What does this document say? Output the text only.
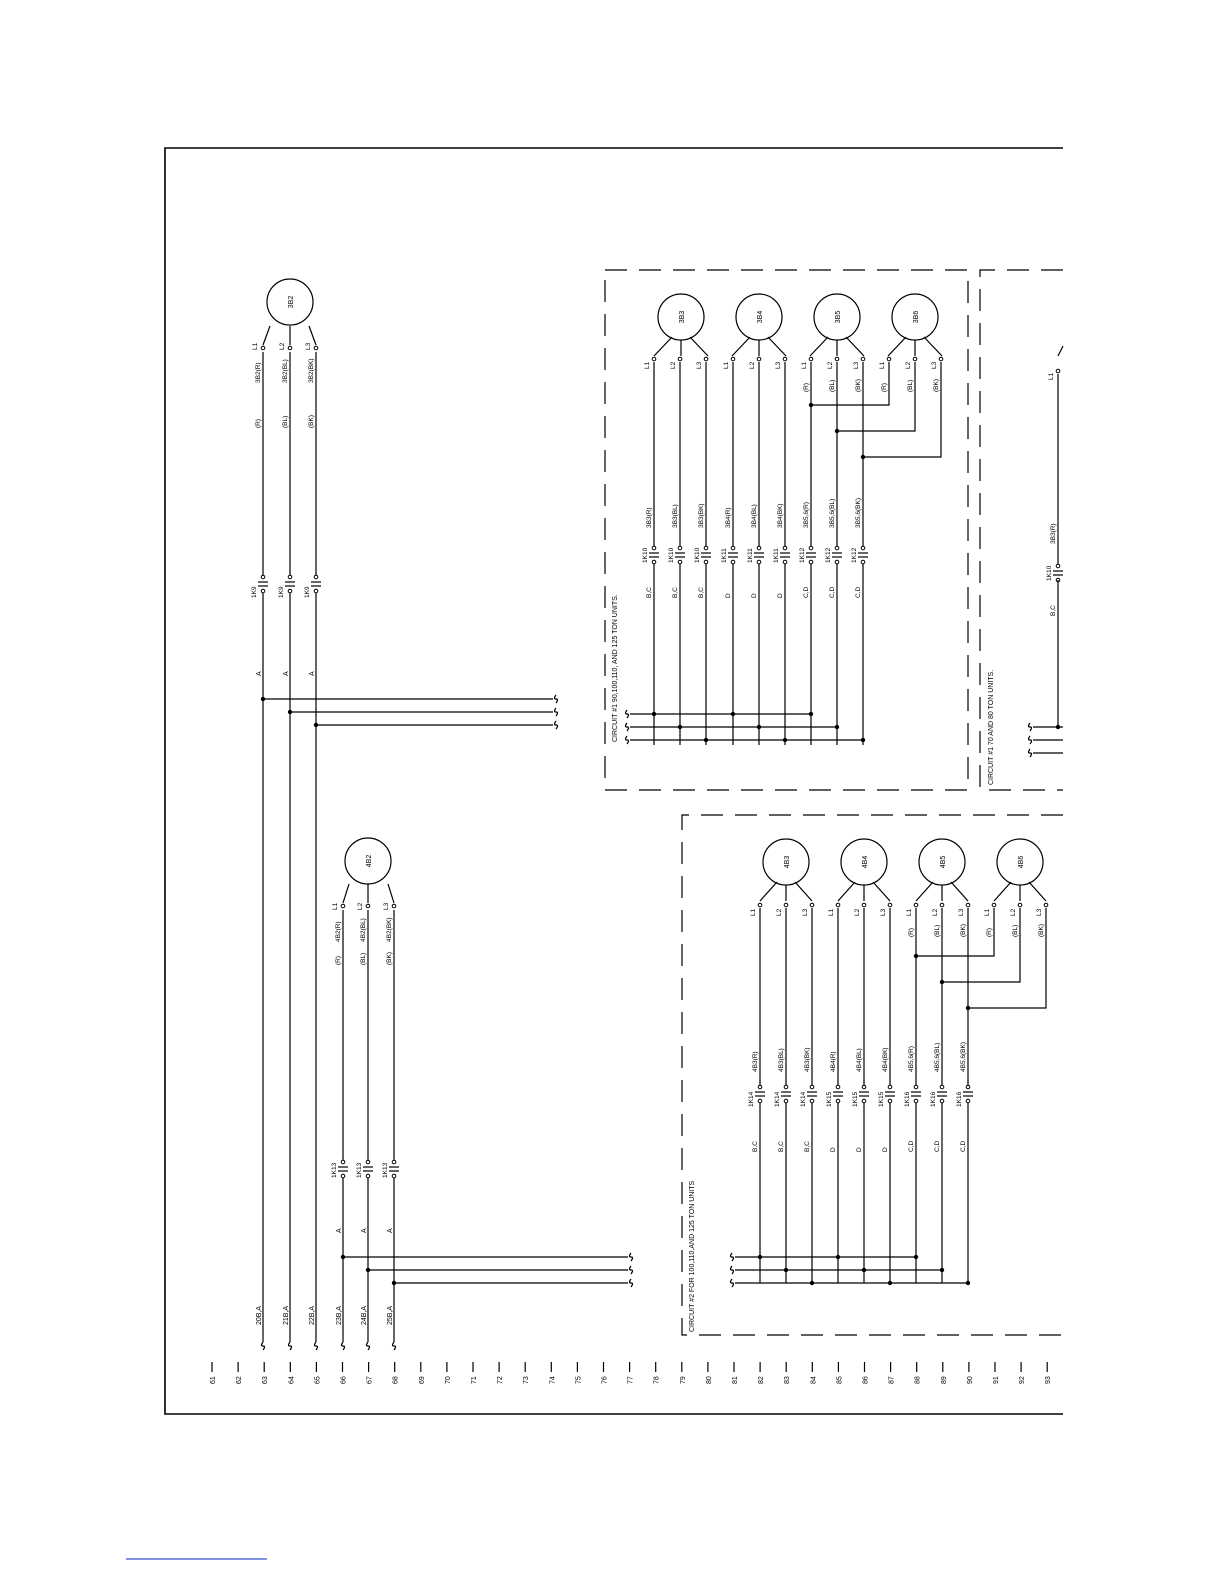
CIRCUIT #1 90,100,110, AND 125 TON UNITS.	CIRCUIT #1 70 AND 80 TON UNITS.
CIRCUIT #2 FOR 100,110,AND 125 TON UNITS
61	62	63	64	65	66	67	68	69	70	71	72	73	74	75	76	77	78	79	80	81	82	83	84	85	86	87	88	89	90	91	92	93
20B,A	21B,A	22B,A	23B,A	24B,A	25B,A
3B2
1K9
A
3B2(R)
(R)
L1
1K9
A
3B2(BL)
(BL)
L2
1K9
A
3B2(BK)
(BK)
L3
4B2
1K13
A
4B2(R)
(R)
L1
1K13
A
4B2(BL)
(BL)
L2
1K13
A
4B2(BK)
(BK)
L3
3B3	3B4	3B5	3B6
L1	L2	L3	L1	L2	L3	L1	L2	L3	L1	L2	L3
1K10
B,C
3B3(R)
1K10
B,C
3B3(BL)
1K10
B,C
3B3(BK)
1K11
D
3B4(R)
1K11
D
3B4(BL)
1K11
D
3B4(BK)
1K12
C,D
3B5,6(R)
1K12
C,D
3B5,6(BL)
1K12
C,D
3B5,6(BK)
(R)	(BL)	(BK)	(R)	(BL)	(BK)
L1
1K10
B,C
3B3(R)
4B3	4B4	4B5	4B6
L1	L2	L3	L1	L2	L3	L1	L2	L3	L1	L2	L3
1K14
B,C
4B3(R)
1K14
B,C
4B3(BL)
1K14
B,C
4B3(BK)
1K15
D
4B4(R)
1K15
D
4B4(BL)
1K15
D
4B4(BK)
1K16
C,D
4B5,6(R)
1K16
C,D
4B5,6(BL)
1K16
C,D
4B5,6(BK)
(R)	(BL)	(BK)	(R)	(BL)	(BK)
